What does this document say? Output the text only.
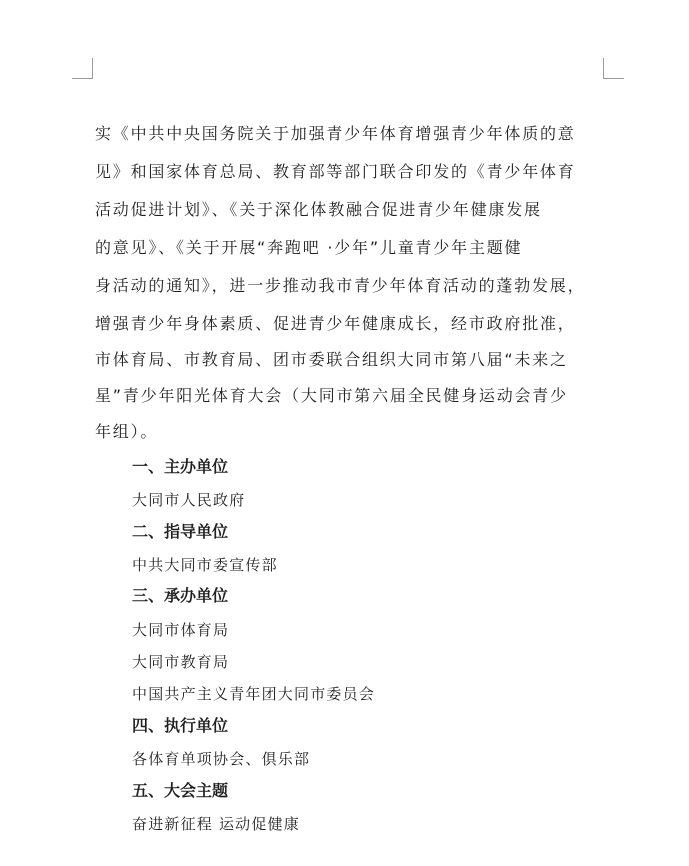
实《中共中央国务院关于加强青少年体育增强青少年体质的意
见》和国家体育总局、教育部等部门联合印发的《青少年体育
活动促进计划》、《关于深化体教融合促进青少年健康发展
的意见》、《关于开展“奔跑吧 ·少年”儿童青少年主题健
身活动的通知》，进一步推动我市青少年体育活动的蓬勃发展，
增强青少年身体素质、促进青少年健康成长，经市政府批准，
市体育局、市教育局、团市委联合组织大同市第八届“未来之
星”青少年阳光体育大会（大同市第六届全民健身运动会青少
年组）。
一、主办单位
大同市人民政府
二、指导单位
中共大同市委宣传部
三、承办单位
大同市体育局
大同市教育局
中国共产主义青年团大同市委员会
四、执行单位
各体育单项协会、俱乐部
五、大会主题
奋进新征程 运动促健康
